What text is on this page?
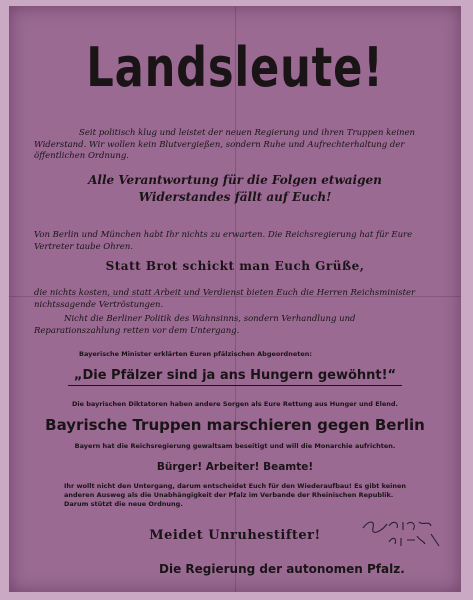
Landsleute!

Seit politisch klug und leistet der neuen Regierung und ihren Truppen keinen Widerstand. Wir wollen kein Blutvergießen, sondern Ruhe und Aufrechterhaltung der öffentlichen Ordnung.

Alle Verantwortung für die Folgen etwaigen
Widerstandes fällt auf Euch!

Von Berlin und München habt Ihr nichts zu erwarten. Die Reichsregierung hat für Eure Vertreter taube Ohren.

Statt Brot schickt man Euch Grüße,

die nichts kosten, und statt Arbeit und Verdienst bieten Euch die Herren Reichsminister nichtssagende Vertröstungen.

Nicht die Berliner Politik des Wahnsinns, sondern Verhandlung und Reparationszahlung retten vor dem Untergang.

Bayerische Minister erklärten Euren pfälzischen Abgeordneten:

„Die Pfälzer sind ja ans Hungern gewöhnt!“

Die bayrischen Diktatoren haben andere Sorgen als Eure Rettung aus Hunger und Elend.

Bayrische Truppen marschieren gegen Berlin

Bayern hat die Reichsregierung gewaltsam beseitigt und will die Monarchie aufrichten.

Bürger! Arbeiter! Beamte!

Ihr wollt nicht den Untergang, darum entscheidet Euch für den Wiederaufbau! Es gibt keinen anderen Ausweg als die Unabhängigkeit der Pfalz im Verbande der Rheinischen Republik. Darum stützt die neue Ordnung.

Meidet Unruhestifter!

Die Regierung der autonomen Pfalz.
